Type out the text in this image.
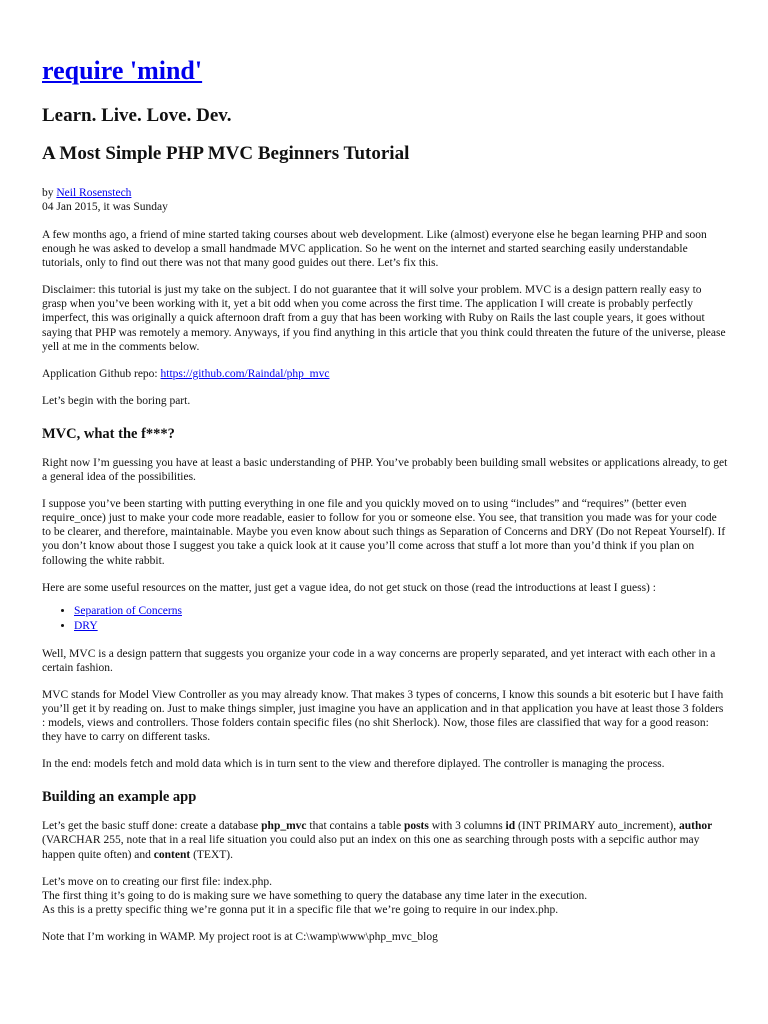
require 'mind'
Learn. Live. Love. Dev.
A Most Simple PHP MVC Beginners Tutorial
by Neil Rosenstech
04 Jan 2015, it was Sunday

A few months ago, a friend of mine started taking courses about web development. Like (almost) everyone else he began learning PHP and soon enough he was asked to develop a small handmade MVC application. So he went on the internet and started searching easily understandable tutorials, only to find out there was not that many good guides out there. Let’s fix this.

Disclaimer: this tutorial is just my take on the subject. I do not guarantee that it will solve your problem. MVC is a design pattern really easy to grasp when you’ve been working with it, yet a bit odd when you come across the first time. The application I will create is probably perfectly imperfect, this was originally a quick afternoon draft from a guy that has been working with Ruby on Rails the last couple years, it goes without saying that PHP was remotely a memory. Anyways, if you find anything in this article that you think could threaten the future of the universe, please yell at me in the comments below.

Application Github repo: https://github.com/Raindal/php_mvc

Let’s begin with the boring part.

MVC, what the f***?

Right now I’m guessing you have at least a basic understanding of PHP. You’ve probably been building small websites or applications already, to get a general idea of the possibilities.

I suppose you’ve been starting with putting everything in one file and you quickly moved on to using “includes” and “requires” (better even require_once) just to make your code more readable, easier to follow for you or someone else. You see, that transition you made was for your code to be clearer, and therefore, maintainable. Maybe you even know about such things as Separation of Concerns and DRY (Do not Repeat Yourself). If you don’t know about those I suggest you take a quick look at it cause you’ll come across that stuff a lot more than you’d think if you plan on following the white rabbit.

Here are some useful resources on the matter, just get a vague idea, do not get stuck on those (read the introductions at least I guess) :

• Separation of Concerns
• DRY

Well, MVC is a design pattern that suggests you organize your code in a way concerns are properly separated, and yet interact with each other in a certain fashion.

MVC stands for Model View Controller as you may already know. That makes 3 types of concerns, I know this sounds a bit esoteric but I have faith you’ll get it by reading on. Just to make things simpler, just imagine you have an application and in that application you have at least those 3 folders : models, views and controllers. Those folders contain specific files (no shit Sherlock). Now, those files are classified that way for a good reason: they have to carry on different tasks.

In the end: models fetch and mold data which is in turn sent to the view and therefore diplayed. The controller is managing the process.

Building an example app

Let’s get the basic stuff done: create a database php_mvc that contains a table posts with 3 columns id (INT PRIMARY auto_increment), author (VARCHAR 255, note that in a real life situation you could also put an index on this one as searching through posts with a sepcific author may happen quite often) and content (TEXT).

Let’s move on to creating our first file: index.php.
The first thing it’s going to do is making sure we have something to query the database any time later in the execution.
As this is a pretty specific thing we’re gonna put it in a specific file that we’re going to require in our index.php.

Note that I’m working in WAMP. My project root is at C:\wamp\www\php_mvc_blog
